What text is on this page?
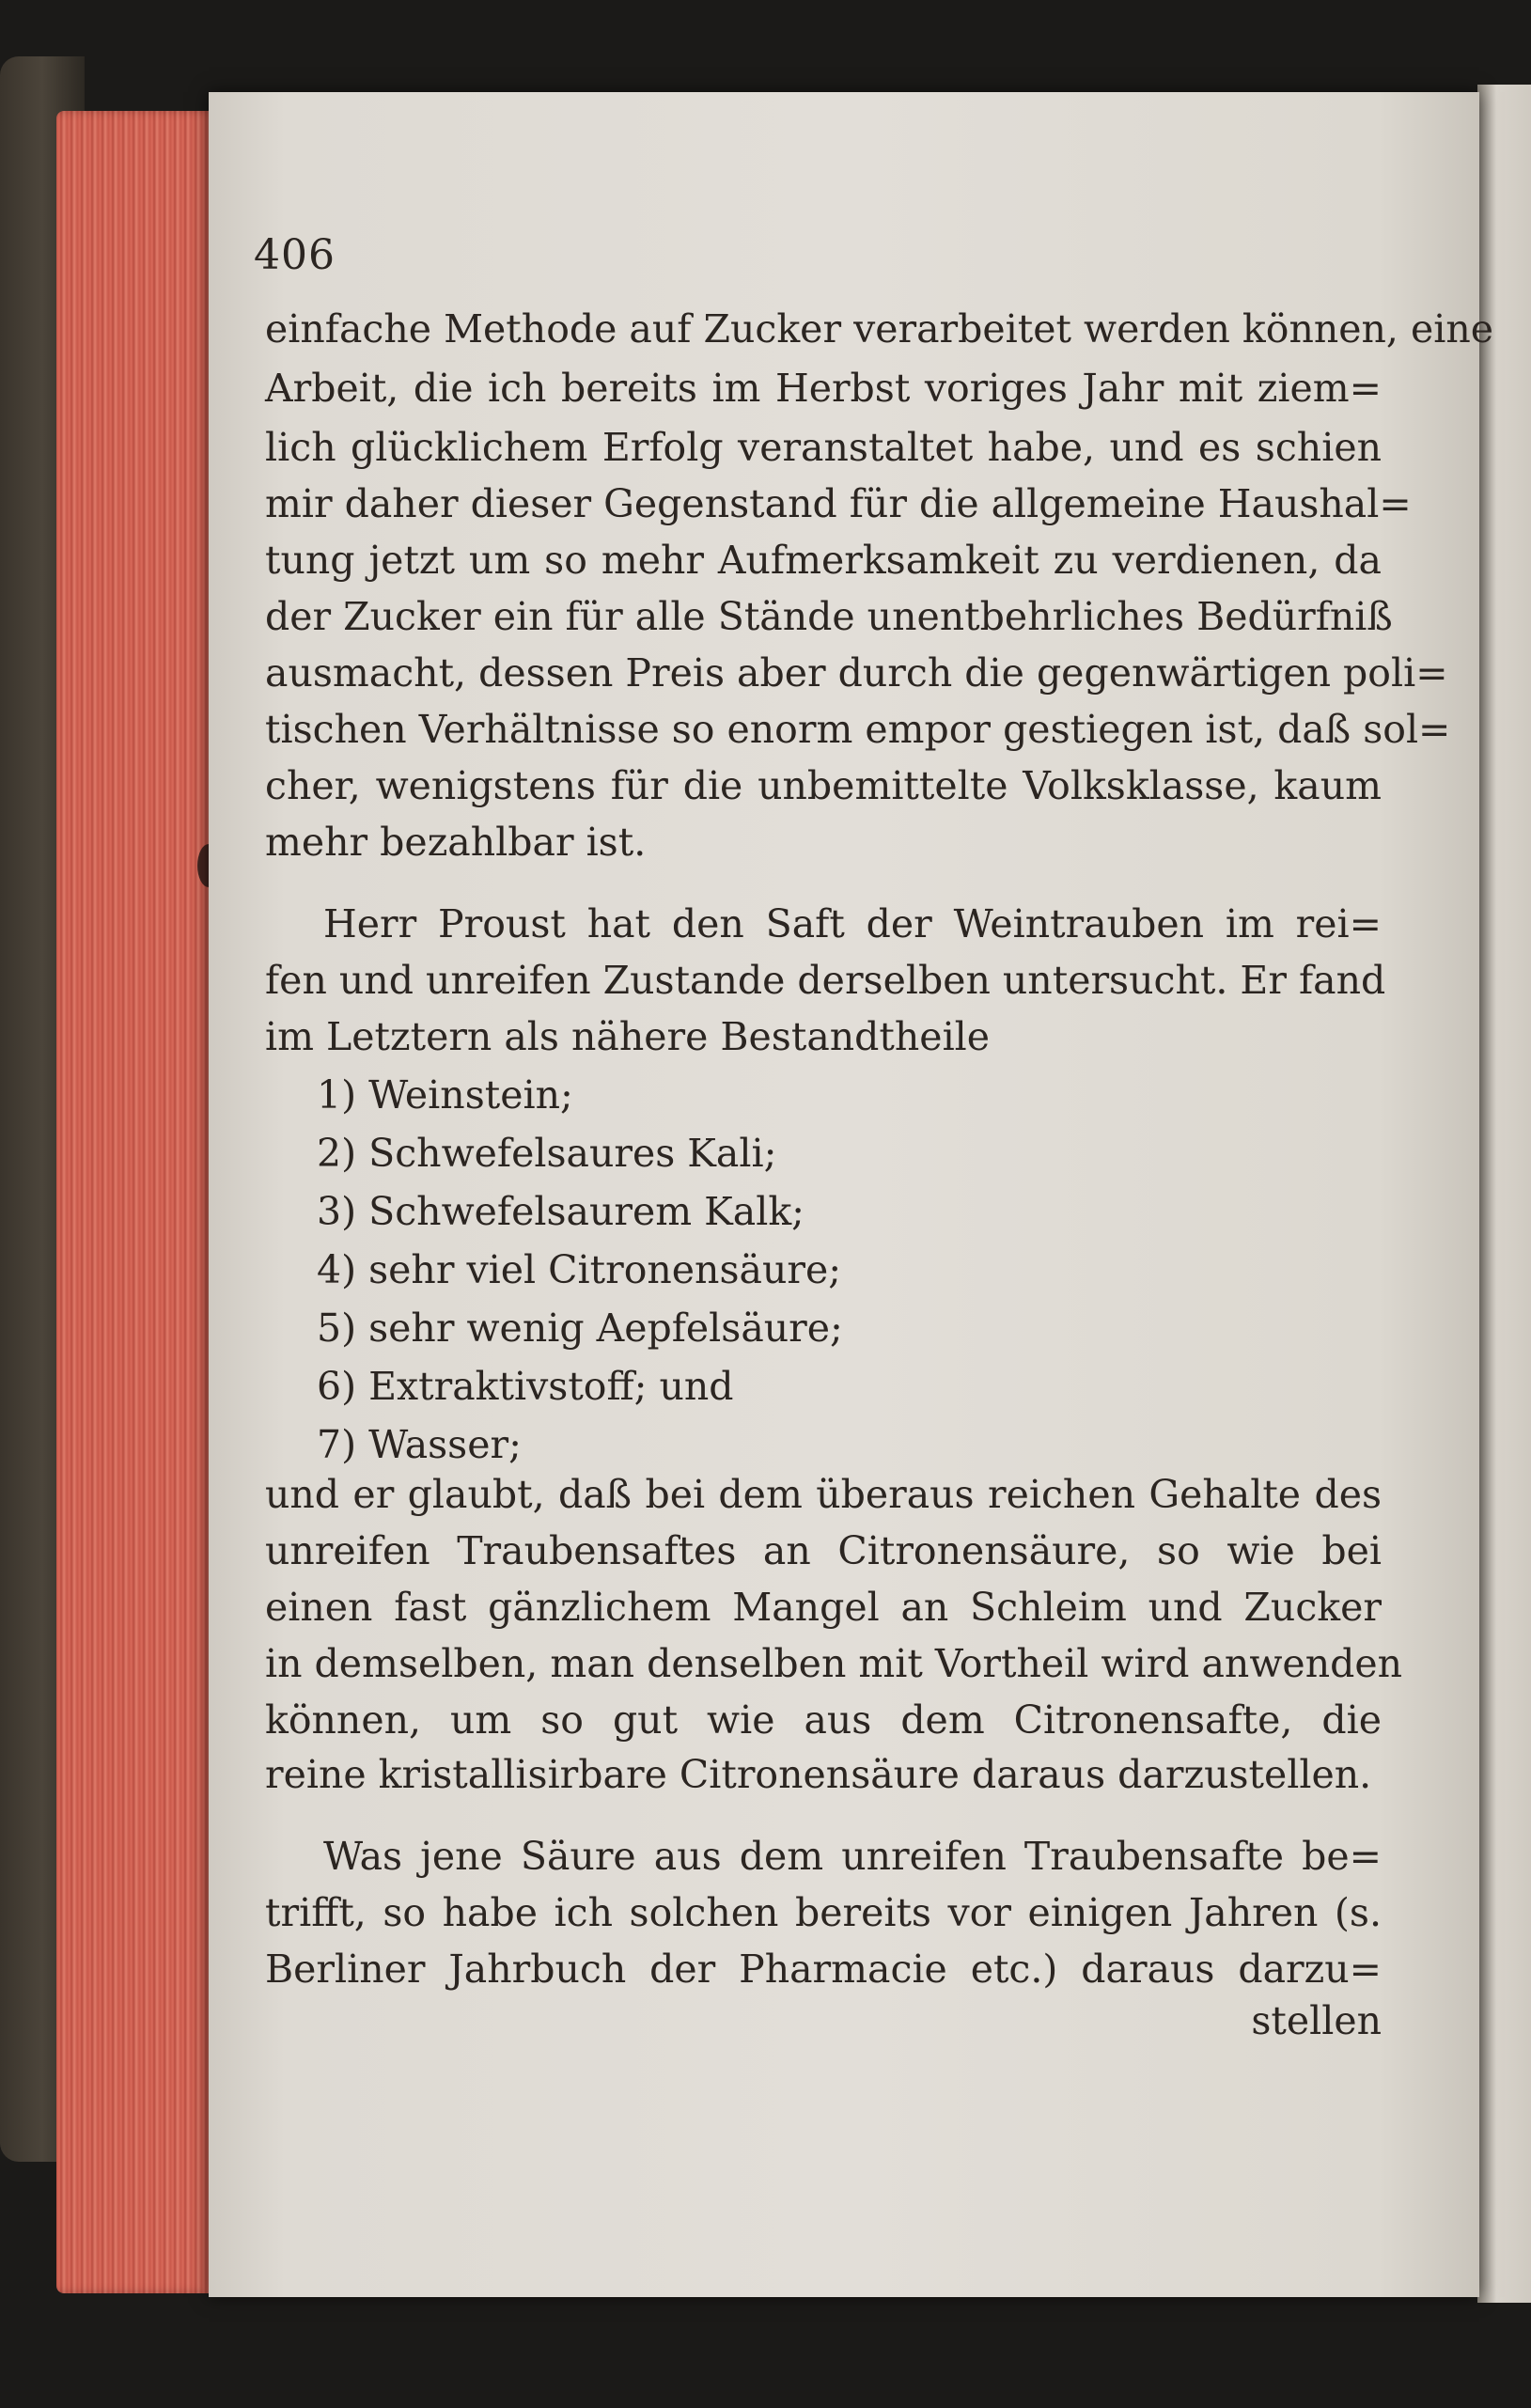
406
einfache Methode auf Zucker verarbeitet werden können, eine
Arbeit, die ich bereits im Herbst voriges Jahr mit ziem=
lich glücklichem Erfolg veranstaltet habe, und es schien
mir daher dieser Gegenstand für die allgemeine Haushal=
tung jetzt um so mehr Aufmerksamkeit zu verdienen, da
der Zucker ein für alle Stände unentbehrliches Bedürfniß
ausmacht, dessen Preis aber durch die gegenwärtigen poli=
tischen Verhältnisse so enorm empor gestiegen ist, daß sol=
cher, wenigstens für die unbemittelte Volksklasse, kaum
mehr bezahlbar ist.
Herr Proust hat den Saft der Weintrauben im rei=
fen und unreifen Zustande derselben untersucht. Er fand
im Letztern als nähere Bestandtheile
1) Weinstein;
2) Schwefelsaures Kali;
3) Schwefelsaurem Kalk;
4) sehr viel Citronensäure;
5) sehr wenig Aepfelsäure;
6) Extraktivstoff; und
7) Wasser;
und er glaubt, daß bei dem überaus reichen Gehalte des
unreifen Traubensaftes an Citronensäure, so wie bei
einen fast gänzlichem Mangel an Schleim und Zucker
in demselben, man denselben mit Vortheil wird anwenden
können, um so gut wie aus dem Citronensafte, die
reine kristallisirbare Citronensäure daraus darzustellen.
Was jene Säure aus dem unreifen Traubensafte be=
trifft, so habe ich solchen bereits vor einigen Jahren (s.
Berliner Jahrbuch der Pharmacie etc.) daraus darzu=
stellen
